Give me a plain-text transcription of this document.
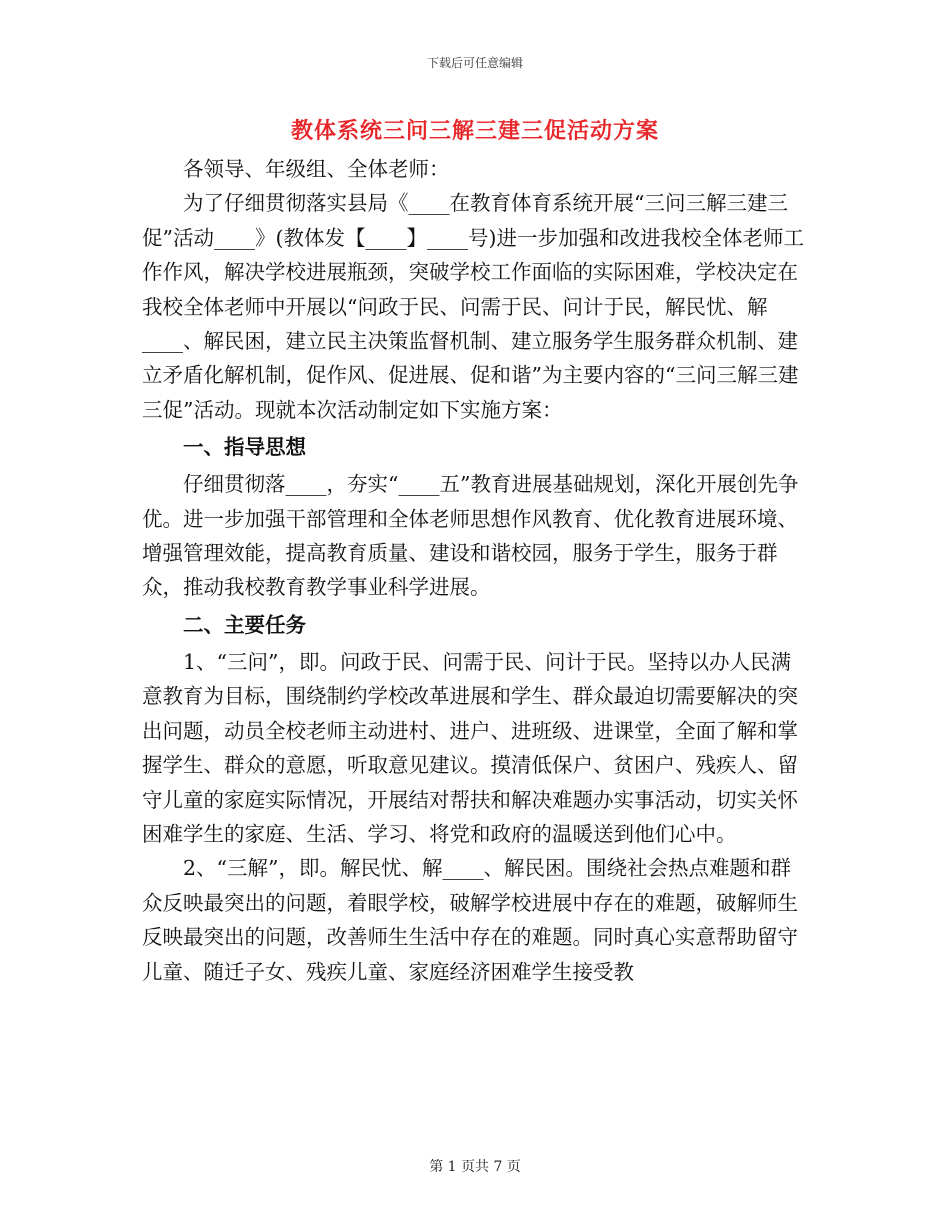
下载后可任意编辑
教体系统三问三解三建三促活动方案

各领导、年级组、全体老师：

为了仔细贯彻落实县局《____在教育体育系统开展“三问三解三建三促”活动____》(教体发【____】____号)进一步加强和改进我校全体老师工作作风，解决学校进展瓶颈，突破学校工作面临的实际困难，学校决定在我校全体老师中开展以“问政于民、问需于民、问计于民，解民忧、解____、解民困，建立民主决策监督机制、建立服务学生服务群众机制、建立矛盾化解机制，促作风、促进展、促和谐”为主要内容的“三问三解三建三促”活动。现就本次活动制定如下实施方案：

一、指导思想

仔细贯彻落____，夯实“____五”教育进展基础规划，深化开展创先争优。进一步加强干部管理和全体老师思想作风教育、优化教育进展环境、增强管理效能，提高教育质量、建设和谐校园，服务于学生，服务于群众，推动我校教育教学事业科学进展。

二、主要任务

1、“三问”，即。问政于民、问需于民、问计于民。坚持以办人民满意教育为目标，围绕制约学校改革进展和学生、群众最迫切需要解决的突出问题，动员全校老师主动进村、进户、进班级、进课堂，全面了解和掌握学生、群众的意愿，听取意见建议。摸清低保户、贫困户、残疾人、留守儿童的家庭实际情况，开展结对帮扶和解决难题办实事活动，切实关怀困难学生的家庭、生活、学习、将党和政府的温暖送到他们心中。

2、“三解”，即。解民忧、解____、解民困。围绕社会热点难题和群众反映最突出的问题，着眼学校，破解学校进展中存在的难题，破解师生反映最突出的问题，改善师生生活中存在的难题。同时真心实意帮助留守儿童、随迁子女、残疾儿童、家庭经济困难学生接受教

第 1 页共 7 页
